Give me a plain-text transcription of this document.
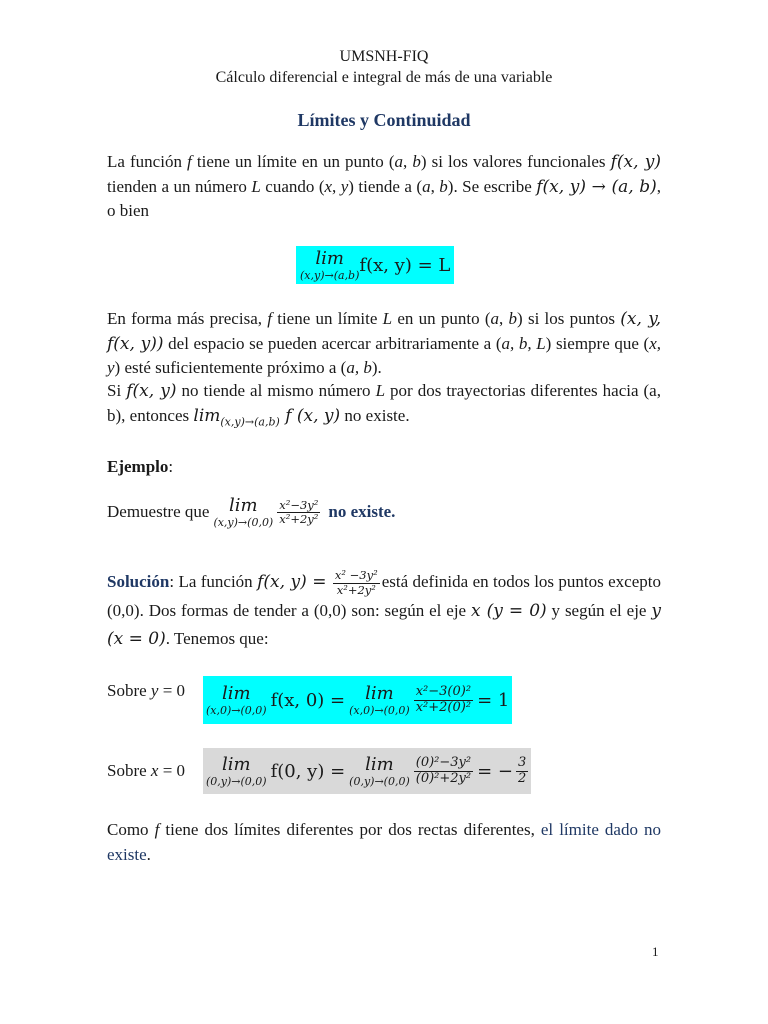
UMSNH-FIQ
Cálculo diferencial e integral de más de una variable
Límites y Continuidad
La función f tiene un límite en un punto (a, b) si los valores funcionales f(x, y) tienden a un número L cuando (x, y) tiende a (a, b). Se escribe f(x, y) → (a, b), o bien
lim
(x,y)→(a,b) f(x, y) = L
En forma más precisa, f tiene un límite L en un punto (a, b) si los puntos (x, y, f(x, y)) del espacio se pueden acercar arbitrariamente a (a, b, L) siempre que (x, y) esté suficientemente próximo a (a, b).
Si f(x, y) no tiende al mismo número L por dos trayectorias diferentes hacia (a, b), entonces $\lim_{(x,y)\to(a,b)} f$ (x, y) no existe.
Ejemplo:
Demuestre que lim
$(x,y)\to(0,0) \frac{\text{x²−3y²}}{\text{x²+2y²}}$ no existe.
Solución: La función f(x, $y) = \frac{\text{x² −3y²}}{\text{x²+2y²}}$ está definida en todos los puntos excepto (0,0). Dos formas de tender a (0,0) son: según el eje x (y = 0) y según el eje y (x = 0). Tenemos que:
Sobre y = 0 lim
(x,0)→(0,0) f(x, 0) = lim
$(x,0)\to(0,0) \frac{\text{x²−3(0)²}}{\text{x²+2(0)²}} = 1$
Sobre x = 0 lim
(0,y)→(0,0) f(0, y) = lim
$(0,y)\to(0,0) \frac{\text{(0)²−3y²}}{\text{(0)²+2y²}}$ = − $\frac{3}{2}$
Como f tiene dos límites diferentes por dos rectas diferentes, el límite dado no existe.
1
